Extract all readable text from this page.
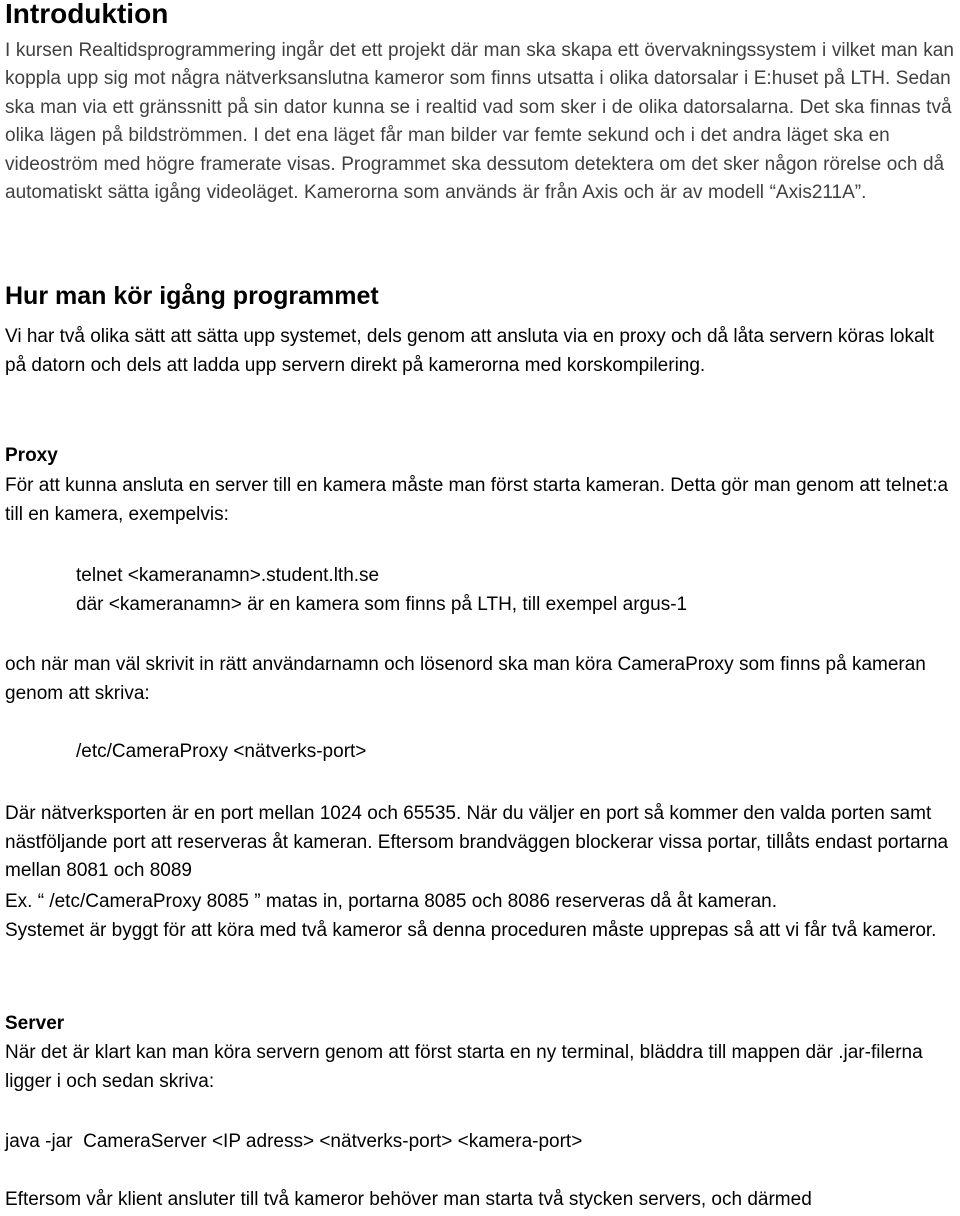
Introduktion

I kursen Realtidsprogrammering ingår det ett projekt där man ska skapa ett övervakningssystem i vilket man kan koppla upp sig mot några nätverksanslutna kameror som finns utsatta i olika datorsalar i E:huset på LTH. Sedan ska man via ett gränssnitt på sin dator kunna se i realtid vad som sker i de olika datorsalarna. Det ska finnas två olika lägen på bildströmmen. I det ena läget får man bilder var femte sekund och i det andra läget ska en videoström med högre framerate visas. Programmet ska dessutom detektera om det sker någon rörelse och då automatiskt sätta igång videoläget. Kamerorna som används är från Axis och är av modell “Axis211A”.

Hur man kör igång programmet

Vi har två olika sätt att sätta upp systemet, dels genom att ansluta via en proxy och då låta servern köras lokalt på datorn och dels att ladda upp servern direkt på kamerorna med korskompilering.

Proxy

För att kunna ansluta en server till en kamera måste man först starta kameran. Detta gör man genom att telnet:a till en kamera, exempelvis:

telnet <kameranamn>.student.lth.se
där <kameranamn> är en kamera som finns på LTH, till exempel argus-1

och när man väl skrivit in rätt användarnamn och lösenord ska man köra CameraProxy som finns på kameran genom att skriva:

/etc/CameraProxy <nätverks-port>

Där nätverksporten är en port mellan 1024 och 65535. När du väljer en port så kommer den valda porten samt nästföljande port att reserveras åt kameran. Eftersom brandväggen blockerar vissa portar, tillåts endast portarna mellan 8081 och 8089

Ex. “ /etc/CameraProxy 8085 ” matas in, portarna 8085 och 8086 reserveras då åt kameran.

Systemet är byggt för att köra med två kameror så denna proceduren måste upprepas så att vi får två kameror.

Server

När det är klart kan man köra servern genom att först starta en ny terminal, bläddra till mappen där .jar-filerna ligger i och sedan skriva:

java -jar  CameraServer <IP adress> <nätverks-port> <kamera-port>

Eftersom vår klient ansluter till två kameror behöver man starta två stycken servers, och därmed
